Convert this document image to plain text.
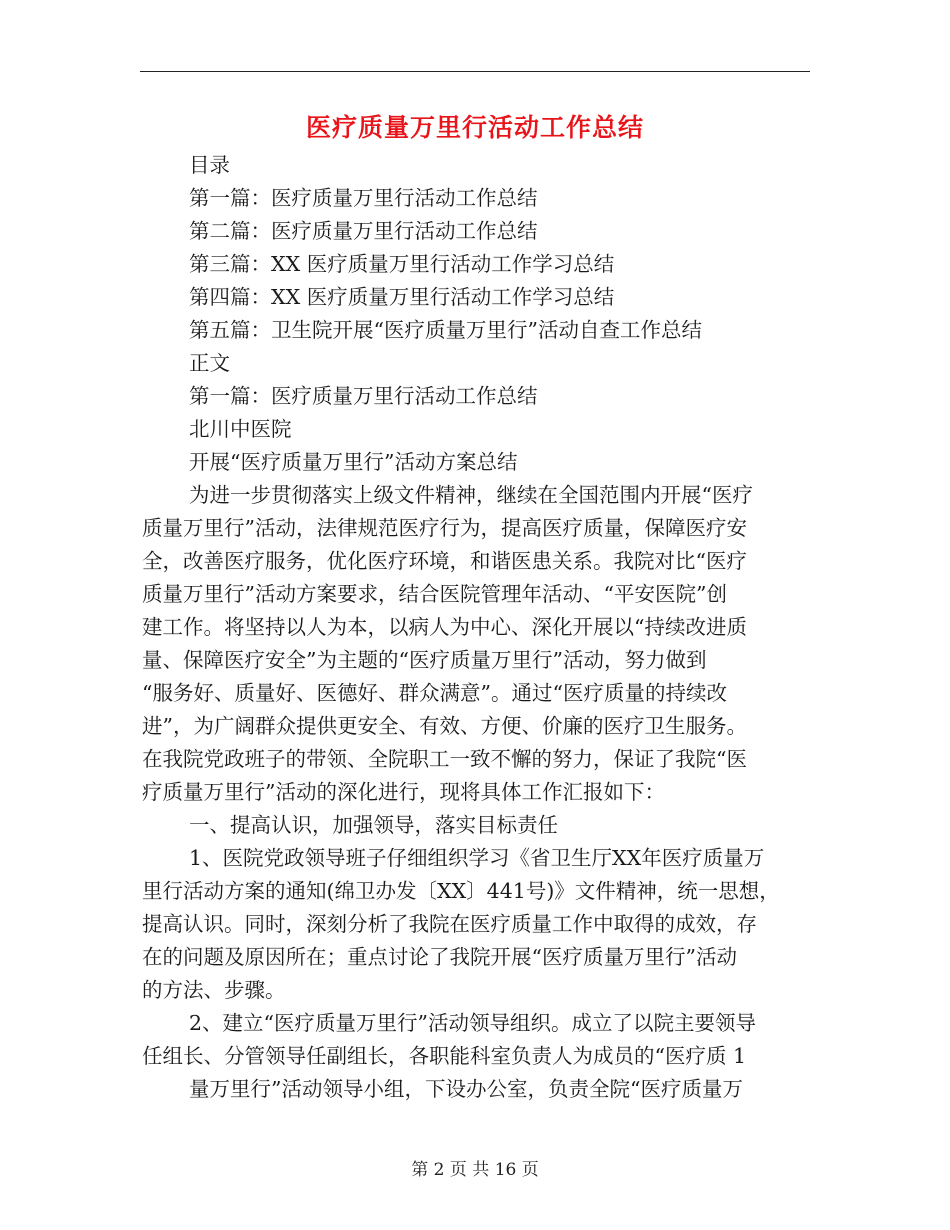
医疗质量万里行活动工作总结
目录
第一篇：医疗质量万里行活动工作总结
第二篇：医疗质量万里行活动工作总结
第三篇：XX 医疗质量万里行活动工作学习总结
第四篇：XX 医疗质量万里行活动工作学习总结
第五篇：卫生院开展“医疗质量万里行”活动自查工作总结
正文
第一篇：医疗质量万里行活动工作总结
北川中医院
开展“医疗质量万里行”活动方案总结
为进一步贯彻落实上级文件精神，继续在全国范围内开展“医疗
质量万里行”活动，法律规范医疗行为，提高医疗质量，保障医疗安
全，改善医疗服务，优化医疗环境，和谐医患关系。我院对比“医疗
质量万里行”活动方案要求，结合医院管理年活动、“平安医院”创
建工作。将坚持以人为本，以病人为中心、深化开展以“持续改进质
量、保障医疗安全”为主题的“医疗质量万里行”活动，努力做到
“服务好、质量好、医德好、群众满意”。通过“医疗质量的持续改
进”，为广阔群众提供更安全、有效、方便、价廉的医疗卫生服务。
在我院党政班子的带领、全院职工一致不懈的努力，保证了我院“医
疗质量万里行”活动的深化进行，现将具体工作汇报如下：
一、提高认识，加强领导，落实目标责任
1、医院党政领导班子仔细组织学习《省卫生厅XX年医疗质量万
里行活动方案的通知(绵卫办发〔XX〕441号)》文件精神，统一思想，
提高认识。同时，深刻分析了我院在医疗质量工作中取得的成效，存
在的问题及原因所在；重点讨论了我院开展“医疗质量万里行”活动
的方法、步骤。
2、建立“医疗质量万里行”活动领导组织。成立了以院主要领导
任组长、分管领导任副组长，各职能科室负责人为成员的“医疗质 1
量万里行”活动领导小组，下设办公室，负责全院“医疗质量万
第 2 页 共 16 页
